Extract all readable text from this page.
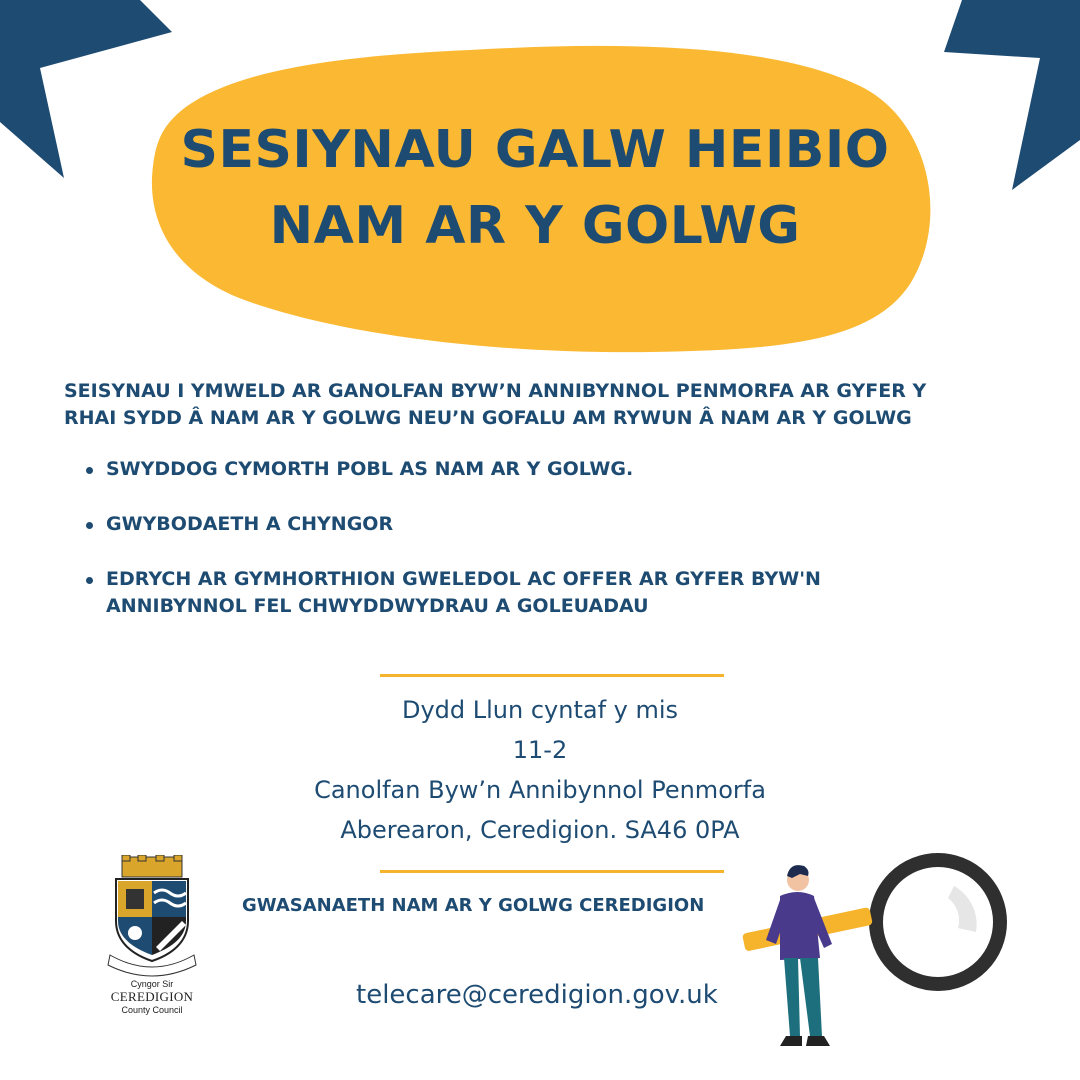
SESIYNAU GALW HEIBIO
NAM AR Y GOLWG
SEISYNAU I YMWELD AR GANOLFAN BYW’N ANNIBYNNOL PENMORFA AR GYFER Y
RHAI SYDD Â NAM AR Y GOLWG NEU’N GOFALU AM RYWUN Â NAM AR Y GOLWG
SWYDDOG CYMORTH POBL AS NAM AR Y GOLWG.
GWYBODAETH A CHYNGOR
EDRYCH AR GYMHORTHION GWELEDOL AC OFFER AR GYFER BYW'N
ANNIBYNNOL FEL CHWYDDWYDRAU A GOLEUADAU
Dydd Llun cyntaf y mis
11-2
Canolfan Byw’n Annibynnol Penmorfa
Aberearon, Ceredigion. SA46 0PA
GWASANAETH NAM AR Y GOLWG CEREDIGION
telecare@ceredigion.gov.uk
Cyngor Sir
CEREDIGION
County Council
